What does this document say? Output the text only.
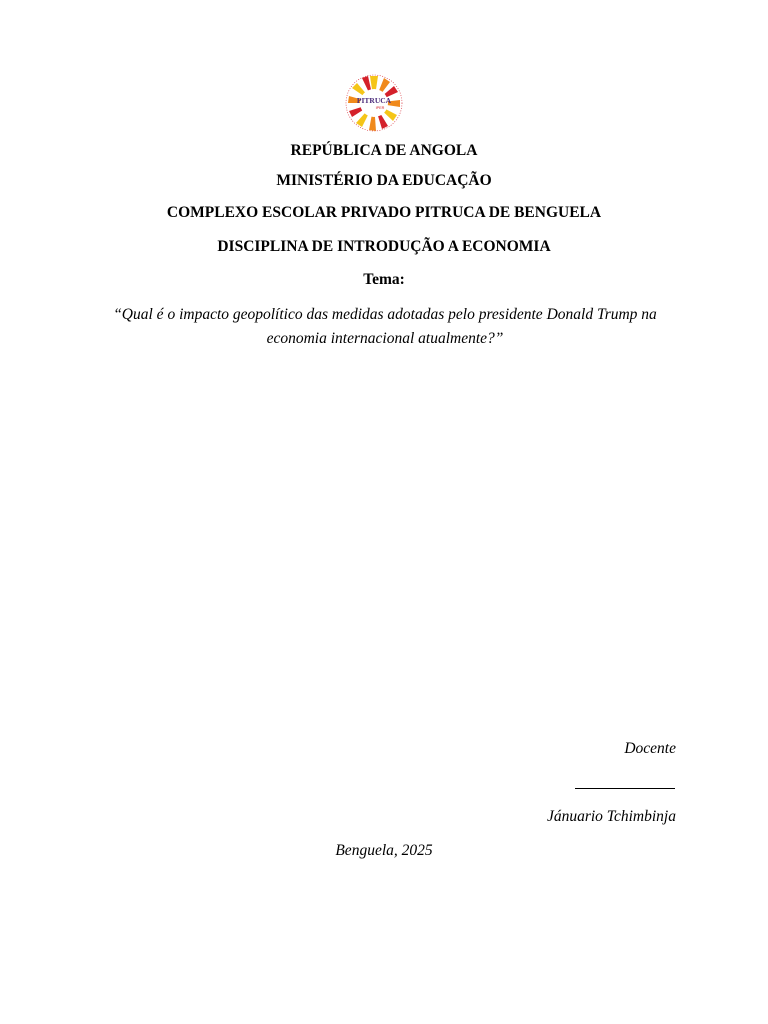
PITRUCA
IPER
REPÚBLICA DE ANGOLA
MINISTÉRIO DA EDUCAÇÃO
COMPLEXO ESCOLAR PRIVADO PITRUCA DE BENGUELA
DISCIPLINA DE INTRODUÇÃO A ECONOMIA
Tema:
“Qual é o impacto geopolítico das medidas adotadas pelo presidente Donald Trump na economia internacional atualmente?”
Docente
Jánuario Tchimbinja
Benguela, 2025
